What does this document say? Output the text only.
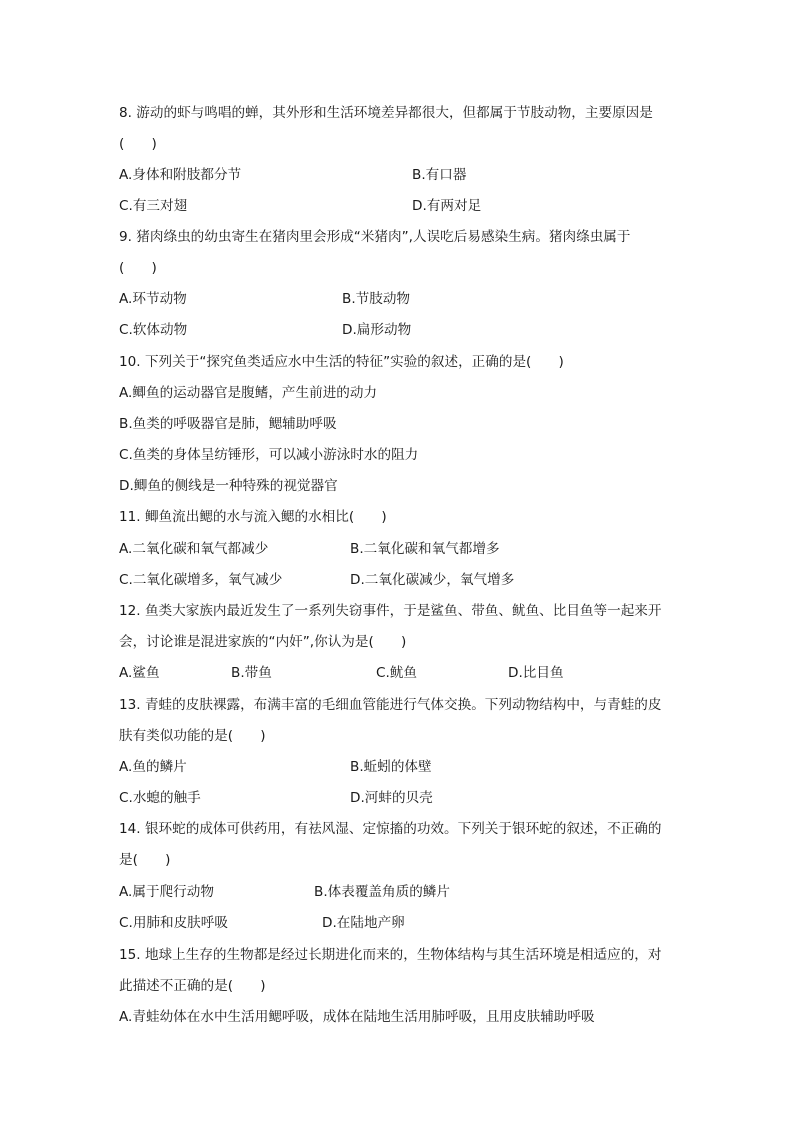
8. 游动的虾与鸣唱的蝉，其外形和生活环境差异都很大，但都属于节肢动物，主要原因是
(　　)
A.身体和附肢都分节	B.有口器
C.有三对翅	D.有两对足
9. 猪肉绦虫的幼虫寄生在猪肉里会形成“米猪肉”,人误吃后易感染生病。猪肉绦虫属于
(　　)
A.环节动物	B.节肢动物
C.软体动物	D.扁形动物
10. 下列关于“探究鱼类适应水中生活的特征”实验的叙述，正确的是(　　)
A.鲫鱼的运动器官是腹鳍，产生前进的动力
B.鱼类的呼吸器官是肺，鳃辅助呼吸
C.鱼类的身体呈纺锤形，可以减小游泳时水的阻力
D.鲫鱼的侧线是一种特殊的视觉器官
11. 鲫鱼流出鳃的水与流入鳃的水相比(　　)
A.二氧化碳和氧气都减少	B.二氧化碳和氧气都增多
C.二氧化碳增多，氧气减少	D.二氧化碳减少，氧气增多
12. 鱼类大家族内最近发生了一系列失窃事件，于是鲨鱼、带鱼、鱿鱼、比目鱼等一起来开
会，讨论谁是混进家族的“内奸”,你认为是(　　)
A.鲨鱼	B.带鱼	C.鱿鱼	D.比目鱼
13. 青蛙的皮肤裸露，布满丰富的毛细血管能进行气体交换。下列动物结构中，与青蛙的皮
肤有类似功能的是(　　)
A.鱼的鳞片	B.蚯蚓的体壁
C.水螅的触手	D.河蚌的贝壳
14. 银环蛇的成体可供药用，有祛风湿、定惊搐的功效。下列关于银环蛇的叙述，不正确的
是(　　)
A.属于爬行动物	B.体表覆盖角质的鳞片
C.用肺和皮肤呼吸	D.在陆地产卵
15. 地球上生存的生物都是经过长期进化而来的，生物体结构与其生活环境是相适应的，对
此描述不正确的是(　　)
A.青蛙幼体在水中生活用鳃呼吸，成体在陆地生活用肺呼吸，且用皮肤辅助呼吸
